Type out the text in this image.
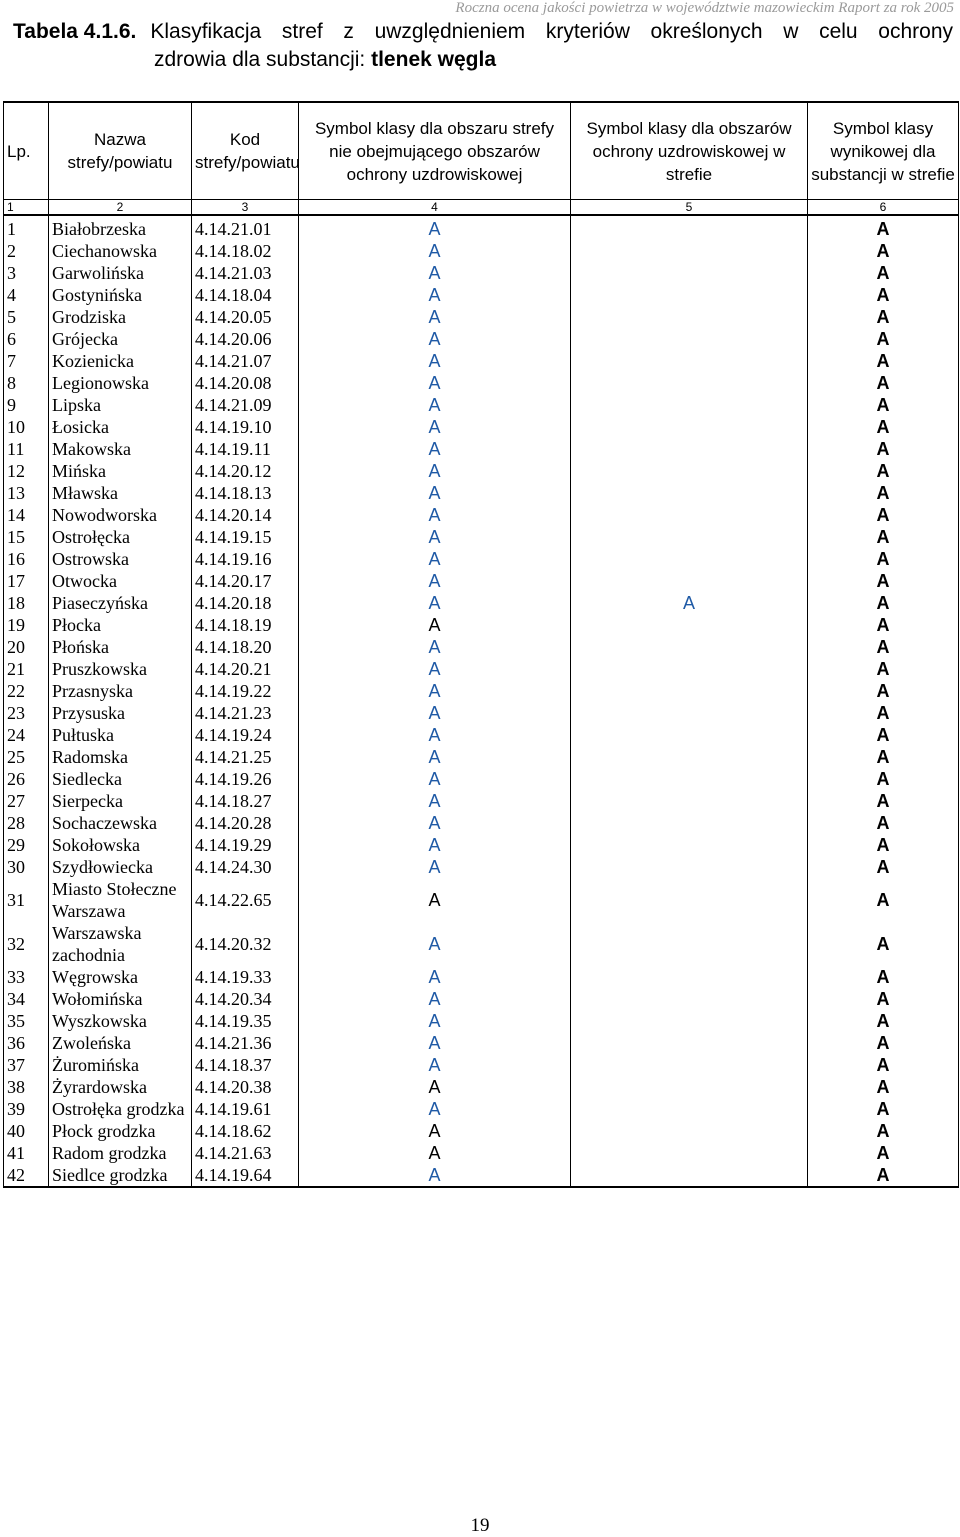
Roczna ocena jakości powietrza w województwie mazowieckim Raport za rok 2005
Tabela 4.1.6. Klasyfikacja stref z uwzględnieniem kryteriów określonych w celu ochrony
zdrowia dla substancji: tlenek węgla
Lp.	Nazwa strefy/powiatu	Kod strefy/powiatu	Symbol klasy dla obszaru strefy nie obejmującego obszarów ochrony uzdrowiskowej	Symbol klasy dla obszarów ochrony uzdrowiskowej w strefie	Symbol klasy wynikowej dla substancji w strefie
1	2	3	4	5	6
1	Białobrzeska	4.14.21.01	A		A
2	Ciechanowska	4.14.18.02	A		A
3	Garwolińska	4.14.21.03	A		A
4	Gostynińska	4.14.18.04	A		A
5	Grodziska	4.14.20.05	A		A
6	Grójecka	4.14.20.06	A		A
7	Kozienicka	4.14.21.07	A		A
8	Legionowska	4.14.20.08	A		A
9	Lipska	4.14.21.09	A		A
10	Łosicka	4.14.19.10	A		A
11	Makowska	4.14.19.11	A		A
12	Mińska	4.14.20.12	A		A
13	Mławska	4.14.18.13	A		A
14	Nowodworska	4.14.20.14	A		A
15	Ostrołęcka	4.14.19.15	A		A
16	Ostrowska	4.14.19.16	A		A
17	Otwocka	4.14.20.17	A		A
18	Piaseczyńska	4.14.20.18	A	A	A
19	Płocka	4.14.18.19	A		A
20	Płońska	4.14.18.20	A		A
21	Pruszkowska	4.14.20.21	A		A
22	Przasnyska	4.14.19.22	A		A
23	Przysuska	4.14.21.23	A		A
24	Pułtuska	4.14.19.24	A		A
25	Radomska	4.14.21.25	A		A
26	Siedlecka	4.14.19.26	A		A
27	Sierpecka	4.14.18.27	A		A
28	Sochaczewska	4.14.20.28	A		A
29	Sokołowska	4.14.19.29	A		A
30	Szydłowiecka	4.14.24.30	A		A
31	Miasto Stołeczne Warszawa	4.14.22.65	A		A
32	Warszawska zachodnia	4.14.20.32	A		A
33	Węgrowska	4.14.19.33	A		A
34	Wołomińska	4.14.20.34	A		A
35	Wyszkowska	4.14.19.35	A		A
36	Zwoleńska	4.14.21.36	A		A
37	Żuromińska	4.14.18.37	A		A
38	Żyrardowska	4.14.20.38	A		A
39	Ostrołęka grodzka	4.14.19.61	A		A
40	Płock grodzka	4.14.18.62	A		A
41	Radom grodzka	4.14.21.63	A		A
42	Siedlce grodzka	4.14.19.64	A		A
19
